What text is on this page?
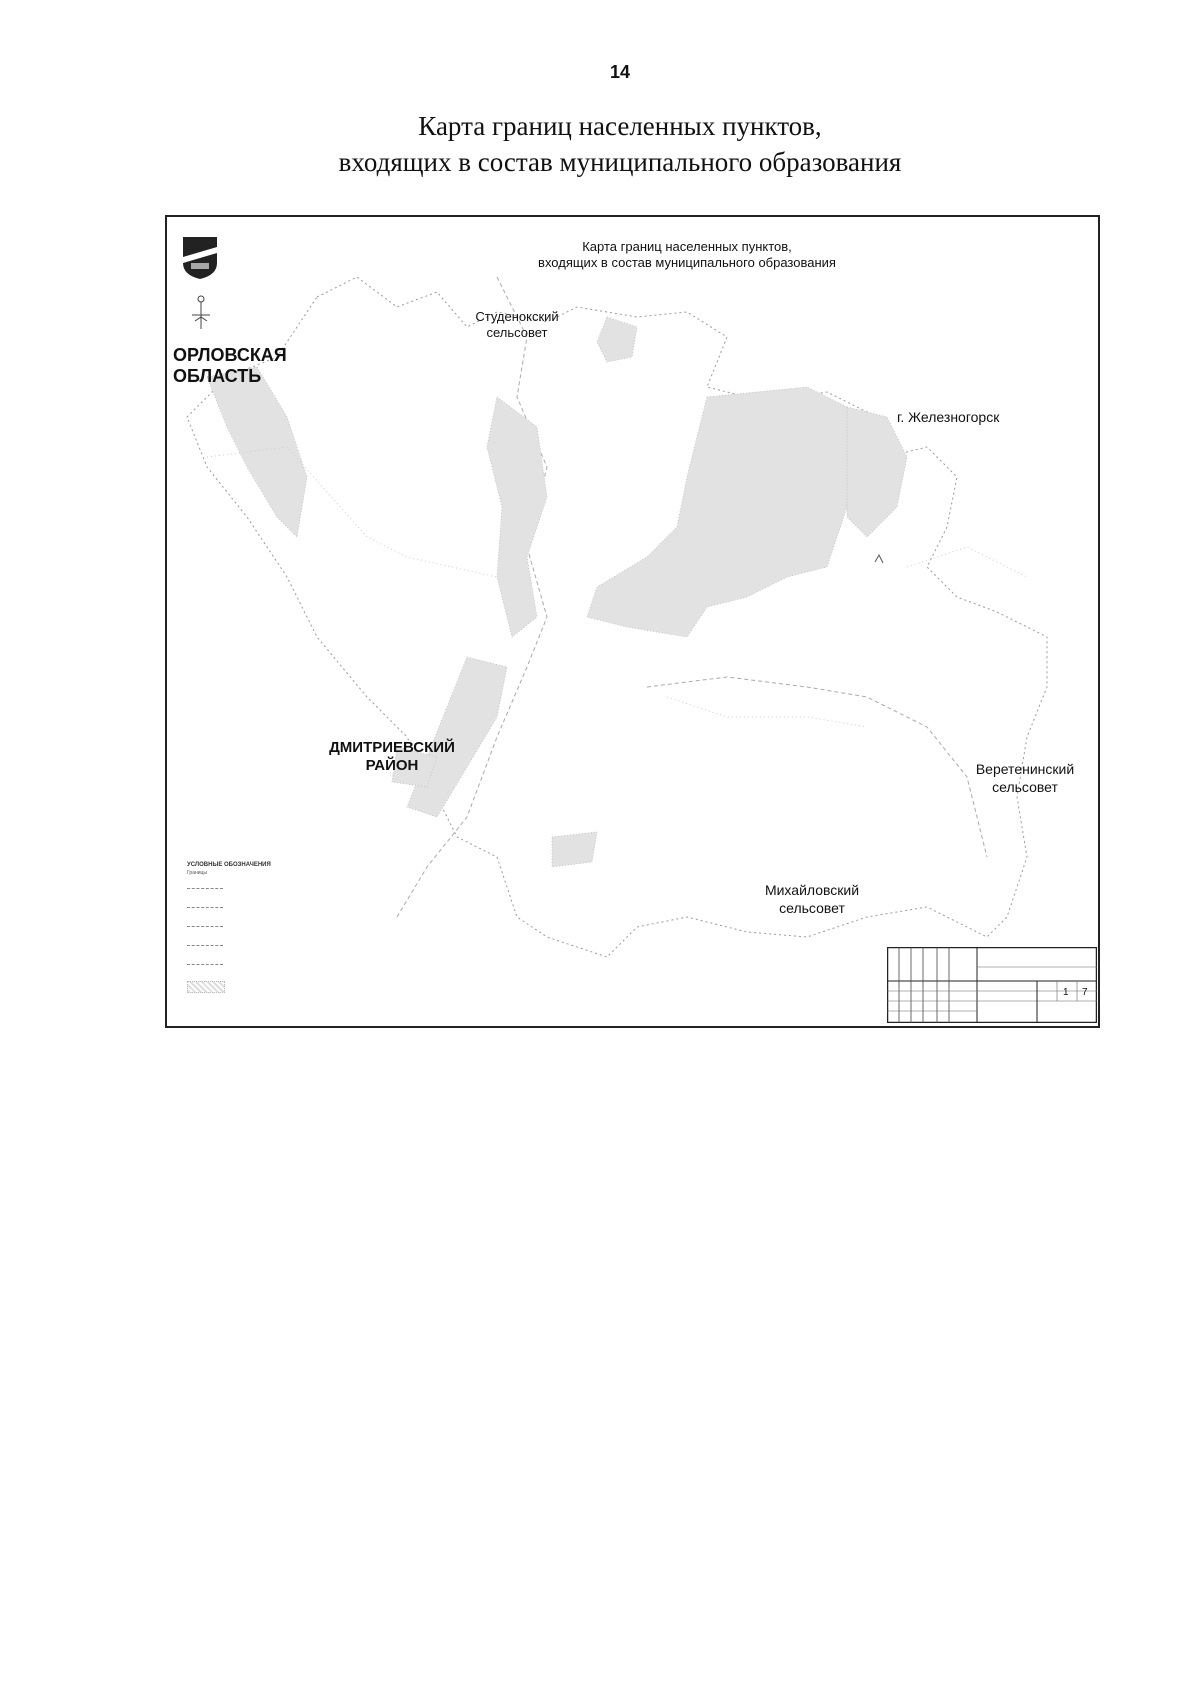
14
Карта границ населенных пунктов,
входящих в состав муниципального образования
Карта границ населенных пунктов,
входящих в состав муниципального образования
ОРЛОВСКАЯ
ОБЛАСТЬ
Студенокский
сельсовет
г. Железногорск
ДМИТРИЕВСКИЙ
РАЙОН	Веретенинский
сельсовет
Михайловский
сельсовет
УСЛОВНЫЕ ОБОЗНАЧЕНИЯ
Границы
1 7
